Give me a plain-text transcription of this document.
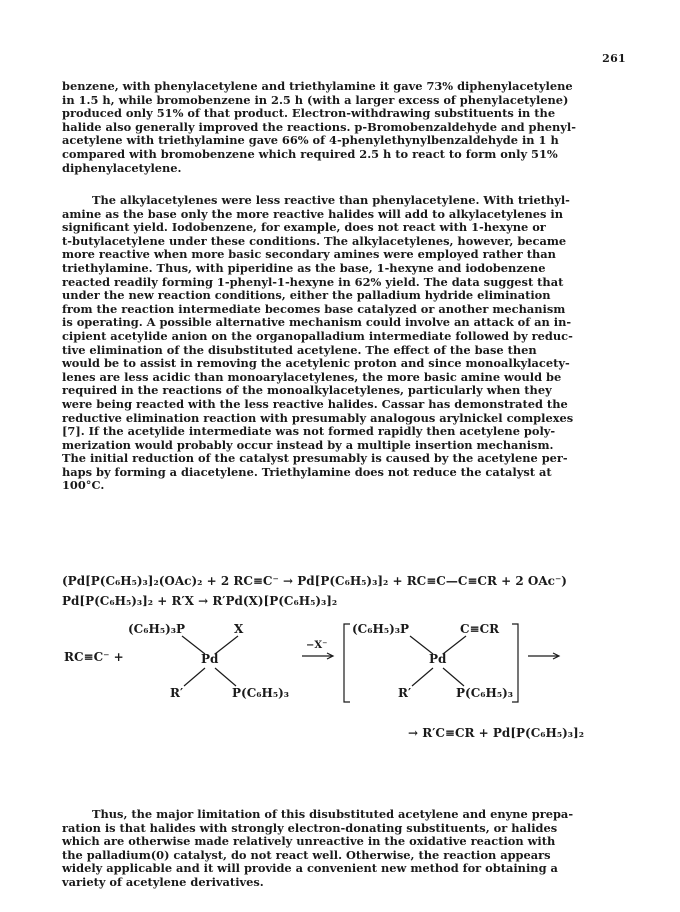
261
benzene, with phenylacetylene and triethylamine it gave 73% diphenylacetylene
in 1.5 h, while bromobenzene in 2.5 h (with a larger excess of phenylacetylene)
produced only 51% of that product. Electron-withdrawing substituents in the
halide also generally improved the reactions. p-Bromobenzaldehyde and phenyl-
acetylene with triethylamine gave 66% of 4-phenylethynylbenzaldehyde in 1 h
compared with bromobenzene which required 2.5 h to react to form only 51%
diphenylacetylene.
The alkylacetylenes were less reactive than phenylacetylene. With triethyl-
amine as the base only the more reactive halides will add to alkylacetylenes in
significant yield. Iodobenzene, for example, does not react with 1-hexyne or
t-butylacetylene under these conditions. The alkylacetylenes, however, became
more reactive when more basic secondary amines were employed rather than
triethylamine. Thus, with piperidine as the base, 1-hexyne and iodobenzene
reacted readily forming 1-phenyl-1-hexyne in 62% yield. The data suggest that
under the new reaction conditions, either the palladium hydride elimination
from the reaction intermediate becomes base catalyzed or another mechanism
is operating. A possible alternative mechanism could involve an attack of an in-
cipient acetylide anion on the organopalladium intermediate followed by reduc-
tive elimination of the disubstituted acetylene. The effect of the base then
would be to assist in removing the acetylenic proton and since monoalkylacety-
lenes are less acidic than monoarylacetylenes, the more basic amine would be
required in the reactions of the monoalkylacetylenes, particularly when they
were being reacted with the less reactive halides. Cassar has demonstrated the
reductive elimination reaction with presumably analogous arylnickel complexes
[7]. If the acetylide intermediate was not formed rapidly then acetylene poly-
merization would probably occur instead by a multiple insertion mechanism.
The initial reduction of the catalyst presumably is caused by the acetylene per-
haps by forming a diacetylene. Triethylamine does not reduce the catalyst at
100°C.
(Pd[P(C₆H₅)₃]₂(OAc)₂ + 2 RC≡C⁻ → Pd[P(C₆H₅)₃]₂ + RC≡C—C≡CR + 2 OAc⁻)
Pd[P(C₆H₅)₃]₂ + R′X → R′Pd(X)[P(C₆H₅)₃]₂
RC≡C⁻ +
(C₆H₅)₃P	X
Pd
R′	P(C₆H₅)₃
−X⁻
(C₆H₅)₃P	C≡CR
Pd
R′	P(C₆H₅)₃
→ R′C≡CR + Pd[P(C₆H₅)₃]₂
Thus, the major limitation of this disubstituted acetylene and enyne prepa-
ration is that halides with strongly electron-donating substituents, or halides
which are otherwise made relatively unreactive in the oxidative reaction with
the palladium(0) catalyst, do not react well. Otherwise, the reaction appears
widely applicable and it will provide a convenient new method for obtaining a
variety of acetylene derivatives.
